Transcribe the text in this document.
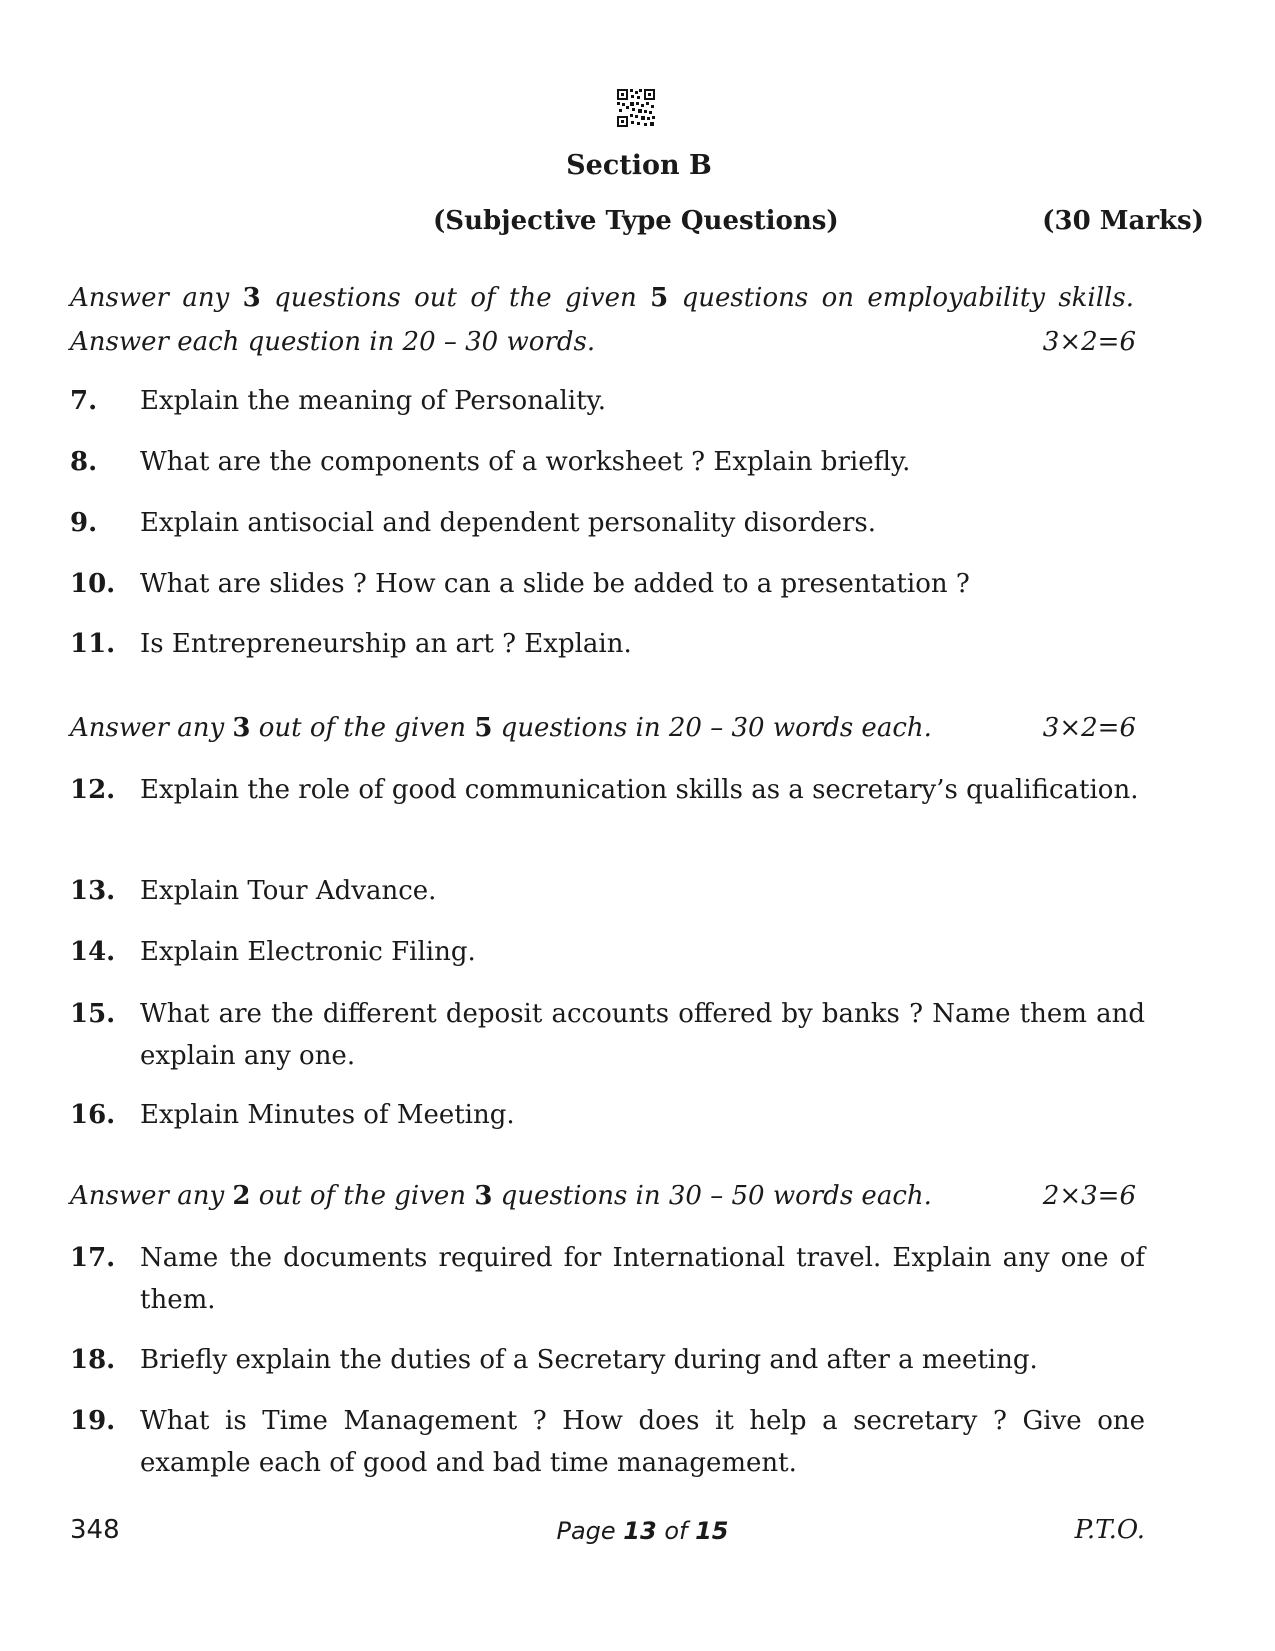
Section B
(Subjective Type Questions)	(30 Marks)
Answer any 3 questions out of the given 5 questions on employability skills.
Answer each question in 20 – 30 words.	3×2=6
7. Explain the meaning of Personality.
8. What are the components of a worksheet ? Explain briefly.
9. Explain antisocial and dependent personality disorders.
10. What are slides ? How can a slide be added to a presentation ?
11. Is Entrepreneurship an art ? Explain.
Answer any 3 out of the given 5 questions in 20 – 30 words each.	3×2=6
12. Explain the role of good communication skills as a secretary’s qualification.
13. Explain Tour Advance.
14. Explain Electronic Filing.
15. What are the different deposit accounts offered by banks ? Name them and explain any one.
16. Explain Minutes of Meeting.
Answer any 2 out of the given 3 questions in 30 – 50 words each.	2×3=6
17. Name the documents required for International travel. Explain any one of them.
18. Briefly explain the duties of a Secretary during and after a meeting.
19. What is Time Management ? How does it help a secretary ? Give one example each of good and bad time management.
348	Page 13 of 15	P.T.O.
